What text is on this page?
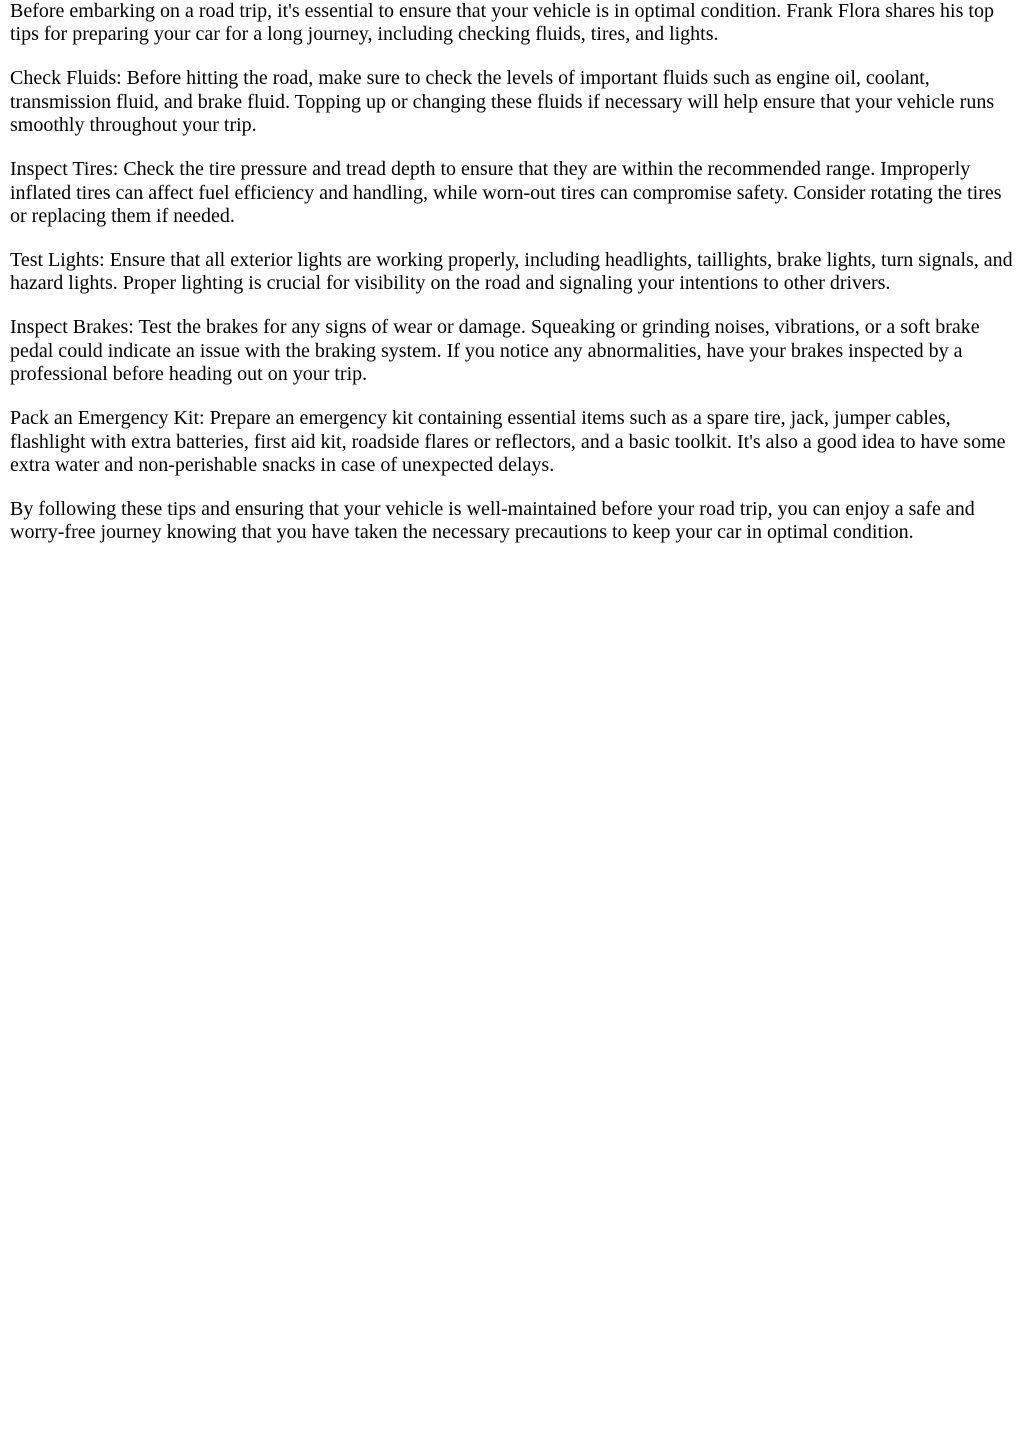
Before embarking on a road trip, it's essential to ensure that your vehicle is in optimal condition. Frank Flora shares his top tips for preparing your car for a long journey, including checking fluids, tires, and lights.

Check Fluids: Before hitting the road, make sure to check the levels of important fluids such as engine oil, coolant, transmission fluid, and brake fluid. Topping up or changing these fluids if necessary will help ensure that your vehicle runs smoothly throughout your trip.

Inspect Tires: Check the tire pressure and tread depth to ensure that they are within the recommended range. Improperly inflated tires can affect fuel efficiency and handling, while worn-out tires can compromise safety. Consider rotating the tires or replacing them if needed.

Test Lights: Ensure that all exterior lights are working properly, including headlights, taillights, brake lights, turn signals, and hazard lights. Proper lighting is crucial for visibility on the road and signaling your intentions to other drivers.

Inspect Brakes: Test the brakes for any signs of wear or damage. Squeaking or grinding noises, vibrations, or a soft brake pedal could indicate an issue with the braking system. If you notice any abnormalities, have your brakes inspected by a professional before heading out on your trip.

Pack an Emergency Kit: Prepare an emergency kit containing essential items such as a spare tire, jack, jumper cables, flashlight with extra batteries, first aid kit, roadside flares or reflectors, and a basic toolkit. It's also a good idea to have some extra water and non-perishable snacks in case of unexpected delays.

By following these tips and ensuring that your vehicle is well-maintained before your road trip, you can enjoy a safe and worry-free journey knowing that you have taken the necessary precautions to keep your car in optimal condition.
